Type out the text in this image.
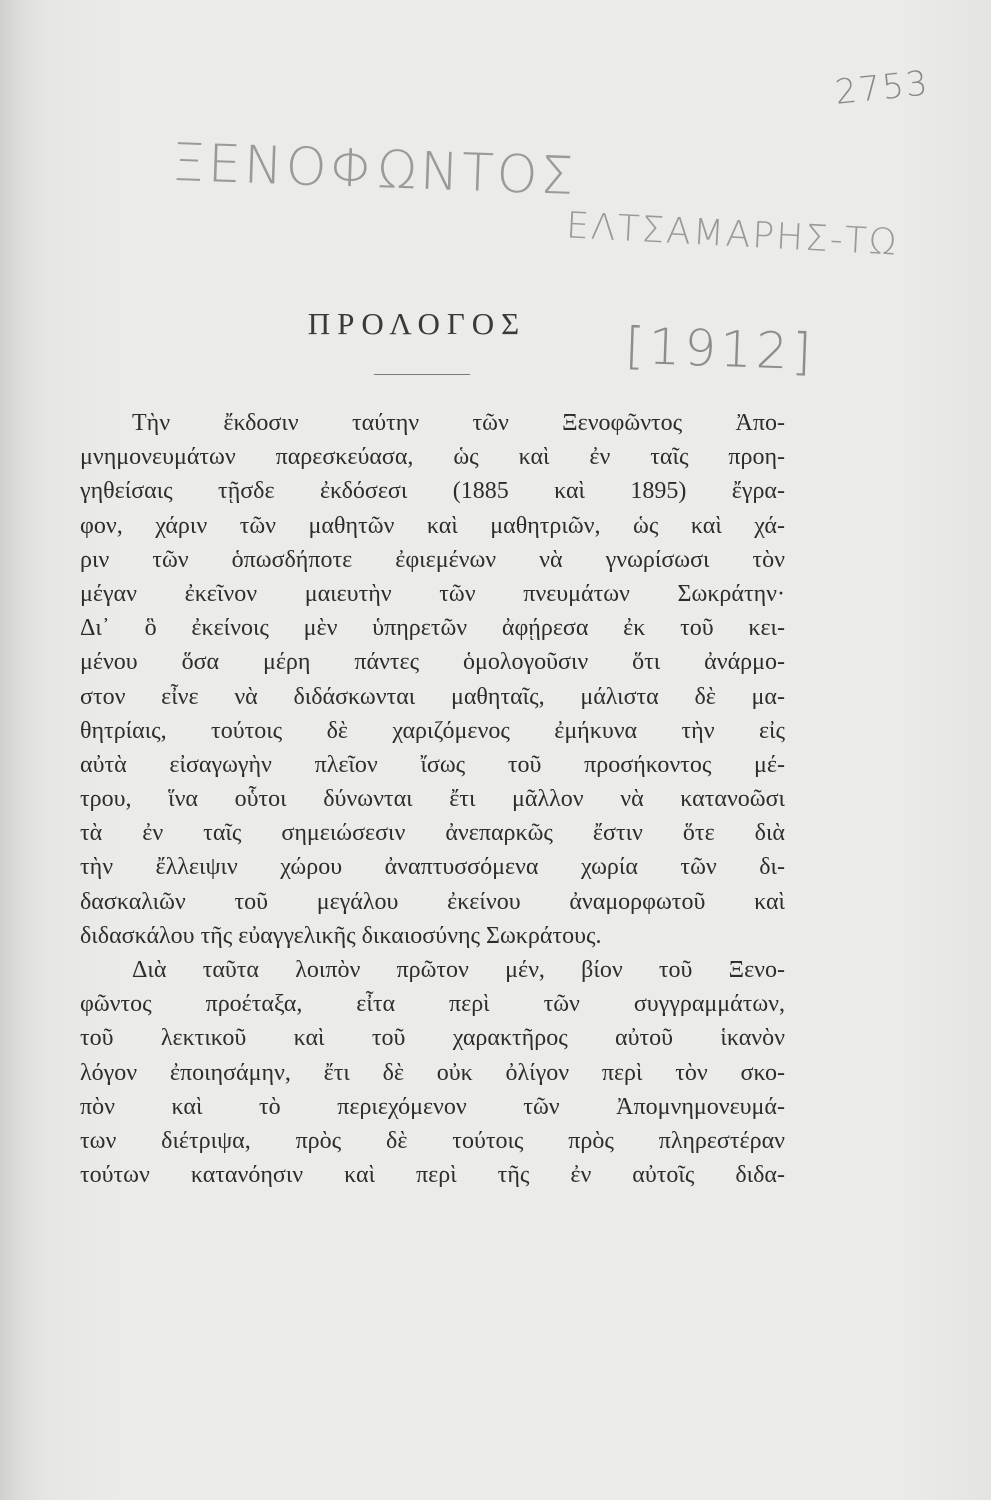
2753
ΞΕΝΟΦΩΝΤΟΣ
ΕΛΤΣΑΜΑΡΗΣ-ΤΩ
[1912]
ΠΡΟΛΟΓΟΣ
Τὴν ἔκδοσιν ταύτην τῶν Ξενοφῶντος Ἀπο-
μνημονευμάτων παρεσκεύασα, ὡς καὶ ἐν ταῖς προη-
γηθείσαις τῇσδε ἐκδόσεσι (1885 καὶ 1895) ἔγρα-
φον, χάριν τῶν μαθητῶν καὶ μαθητριῶν, ὡς καὶ χά-
ριν τῶν ὁπωσδήποτε ἐφιεμένων νὰ γνωρίσωσι τὸν
μέγαν ἐκεῖνον μαιευτὴν τῶν πνευμάτων Σωκράτην·
Δι᾿ ὃ ἐκείνοις μὲν ὑπηρετῶν ἀφῄρεσα ἐκ τοῦ κει-
μένου ὅσα μέρη πάντες ὁμολογοῦσιν ὅτι ἀνάρμο-
στον εἶνε νὰ διδάσκωνται μαθηταῖς, μάλιστα δὲ μα-
θητρίαις, τούτοις δὲ χαριζόμενος ἐμήκυνα τὴν εἰς
αὐτὰ εἰσαγωγὴν πλεῖον ἴσως τοῦ προσήκοντος μέ-
τρου, ἵνα οὗτοι δύνωνται ἔτι μᾶλλον νὰ κατανοῶσι
τὰ ἐν ταῖς σημειώσεσιν ἀνεπαρκῶς ἔστιν ὅτε διὰ
τὴν ἔλλειψιν χώρου ἀναπτυσσόμενα χωρία τῶν δι-
δασκαλιῶν τοῦ μεγάλου ἐκείνου ἀναμορφωτοῦ καὶ
διδασκάλου τῆς εὐαγγελικῆς δικαιοσύνης Σωκράτους.
Διὰ ταῦτα λοιπὸν πρῶτον μέν, βίον τοῦ Ξενο-
φῶντος προέταξα, εἶτα περὶ τῶν συγγραμμάτων,
τοῦ λεκτικοῦ καὶ τοῦ χαρακτῆρος αὐτοῦ ἱκανὸν
λόγον ἐποιησάμην, ἔτι δὲ οὐκ ὀλίγον περὶ τὸν σκο-
πὸν καὶ τὸ περιεχόμενον τῶν Ἀπομνημονευμά-
των διέτριψα, πρὸς δὲ τούτοις πρὸς πληρεστέραν
τούτων κατανόησιν καὶ περὶ τῆς ἐν αὐτοῖς διδα-
